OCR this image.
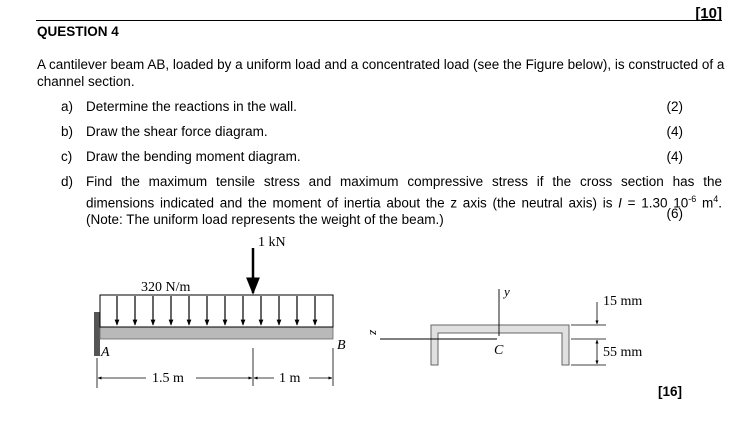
[10]
QUESTION 4
A cantilever beam AB, loaded by a uniform load and a concentrated load (see the Figure below), is constructed of a channel section.
a) Determine the reactions in the wall.	(2)
b) Draw the shear force diagram.	(4)
c) Draw the bending moment diagram.	(4)
d) Find the maximum tensile stress and maximum compressive stress if the cross section has the dimensions indicated and the moment of inertia about the z axis (the neutral axis) is I = 1.30 $10^{-6}$ $m^4$. (Note: The uniform load represents the weight of the beam.)	(6)
1 kN
320 N/m
A	B
1.5 m	1 m
y
z
C
15 mm
55 mm
[16]
